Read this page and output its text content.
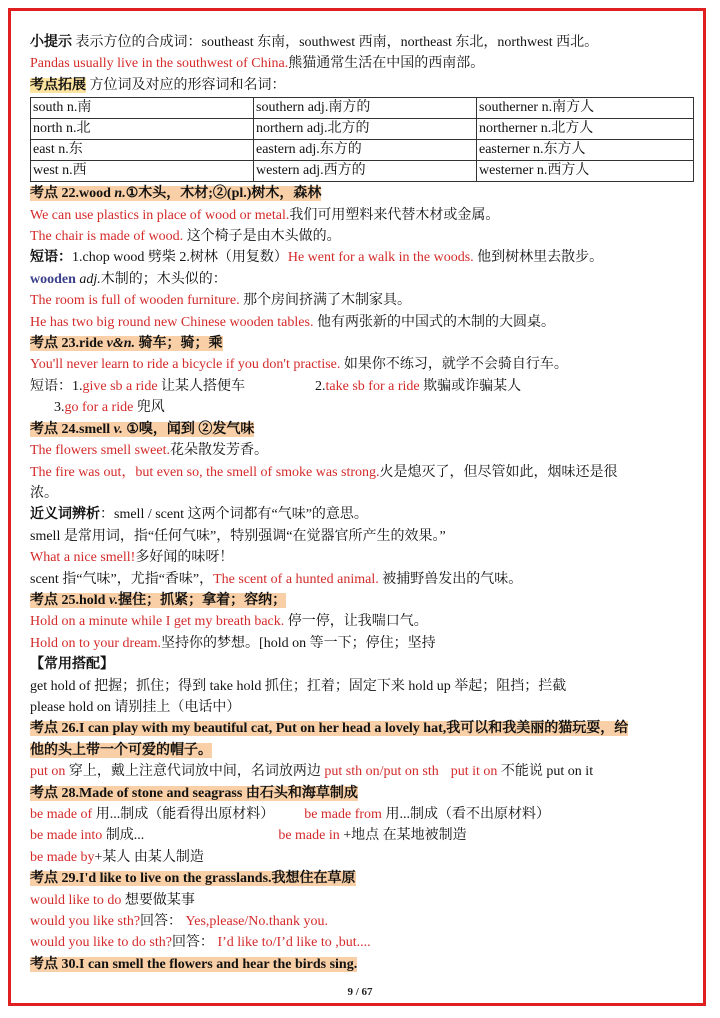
小提示 表示方位的合成词：southeast 东南，southwest 西南，northeast 东北，northwest 西北。
Pandas usually live in the southwest of China.熊猫通常生活在中国的西南部。
考点拓展 方位词及对应的形容词和名词：
south n.南	southern adj.南方的	southerner n.南方人
north n.北	northern adj.北方的	northerner n.北方人
east n.东	eastern adj.东方的	easterner n.东方人
west n.西	western adj.西方的	westerner n.西方人
考点 22.wood n.①木头，木材;②(pl.)树木，森林
We can use plastics in place of wood or metal.我们可用塑料来代替木材或金属。
The chair is made of wood. 这个椅子是由木头做的。
短语：1.chop wood 劈柴 2.树林（用复数）He went for a walk in the woods. 他到树林里去散步。
wooden adj.木制的；木头似的：
The room is full of wooden furniture. 那个房间挤满了木制家具。
He has two big round new Chinese wooden tables. 他有两张新的中国式的木制的大圆桌。
考点 23.ride v&n. 骑车；骑；乘
You'll never learn to ride a bicycle if you don't practise. 如果你不练习，就学不会骑自行车。
短语：1.give sb a ride 让某人搭便车	2.take sb for a ride 欺骗或诈骗某人
3.go for a ride 兜风
考点 24.smell v. ①嗅，闻到 ②发气味
The flowers smell sweet.花朵散发芳香。
The fire was out，but even so, the smell of smoke was strong.火是熄灭了，但尽管如此，烟味还是很
浓。
近义词辨析：smell / scent 这两个词都有“气味”的意思。
smell 是常用词，指“任何气味”，特别强调“在觉器官所产生的效果。”
What a nice smell!多好闻的味呀！
scent 指“气味”，尤指“香味”，The scent of a hunted animal. 被捕野兽发出的气味。
考点 25.hold v.握住；抓紧；拿着；容纳；
Hold on a minute while I get my breath back. 停一停，让我喘口气。
Hold on to your dream.坚持你的梦想。[hold on 等一下；停住；坚持
【常用搭配】
get hold of 把握；抓住；得到 take hold 抓住；扛着；固定下来 hold up 举起；阻挡；拦截
please hold on 请别挂上（电话中）
考点 26.I can play with my beautiful cat, Put on her head a lovely hat,我可以和我美丽的猫玩耍，给
他的头上带一个可爱的帽子。
put on 穿上，戴上注意代词放中间，名词放两边 put sth on/put on sth put it on 不能说 put on it
考点 28.Made of stone and seagrass 由石头和海草制成
be made of 用...制成（能看得出原材料） be made from 用...制成（看不出原材料）
be made into 制成...	be made in +地点 在某地被制造
be made by+某人 由某人制造
考点 29.I'd like to live on the grasslands.我想住在草原
would like to do 想要做某事
would you like sth?回答： Yes,please/No.thank you.
would you like to do sth?回答： I’d like to/I’d like to ,but....
考点 30.I can smell the flowers and hear the birds sing.
9 / 67
